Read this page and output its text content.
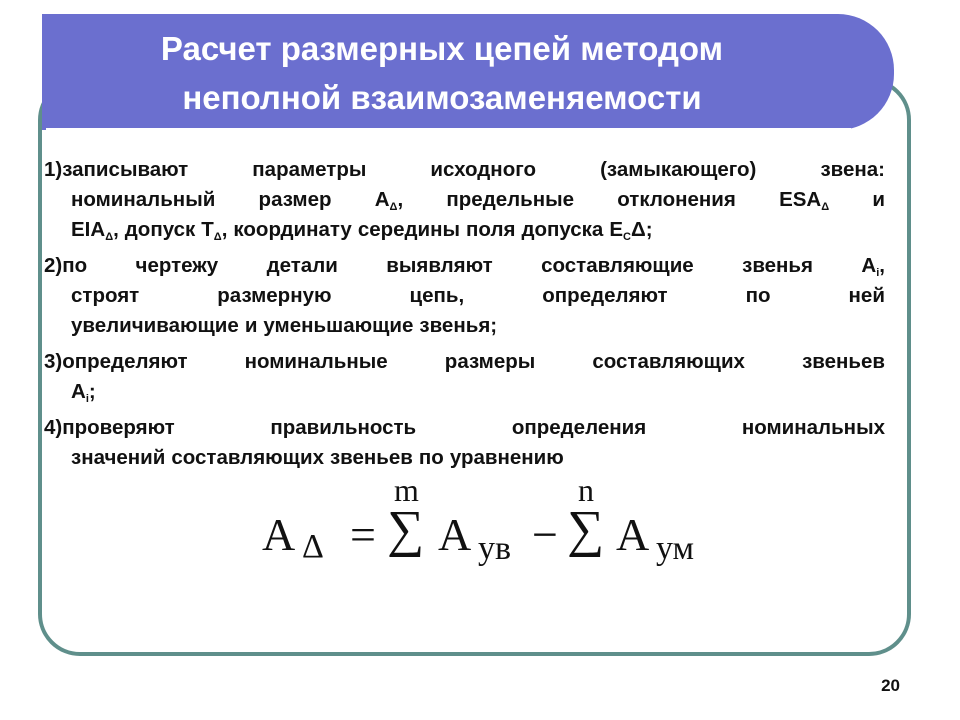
Расчет размерных цепей методом
неполной взаимозаменяемости
1)записывают	параметры	исходного	(замыкающего)	звена:
номинальный размер $А_\Delta$, предельные отклонения $ESA_\Delta$ и
$EIA_\Delta$, допуск $Т_\Delta$, координату середины поля допуска $Е_С\Delta$;
2)по чертежу детали выявляют составляющие звенья $А_i$,
строят	размерную	цепь,	определяют	по	ней
увеличивающие и уменьшающие звенья;
3)определяют	номинальные	размеры	составляющих	звеньев
$А_i$;
4)проверяют	правильность	определения	номинальных
значений составляющих звеньев по уравнению
A Δ =
m
∑ A ув −
n
∑ A ум
20
